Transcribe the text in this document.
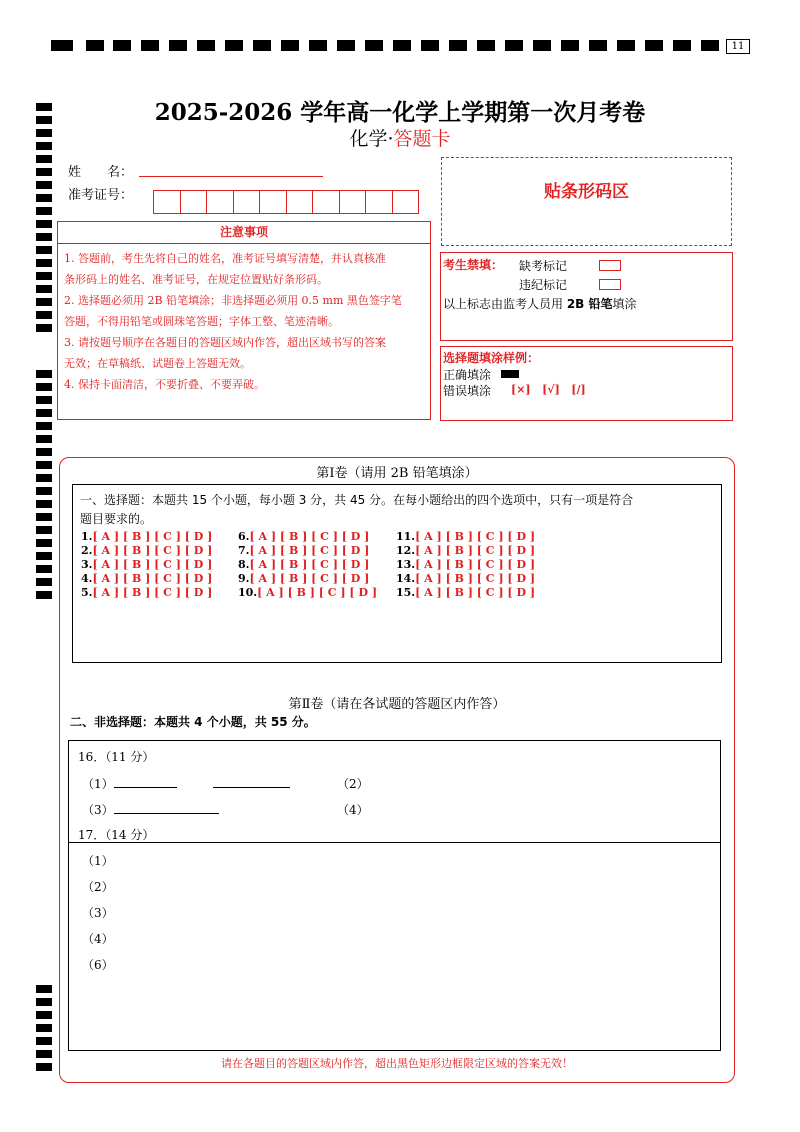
11
2025-2026 学年高一化学上学期第一次月考卷
化学·答题卡
姓　　名：
准考证号：	贴条形码区
注意事项
1. 答题前，考生先将自己的姓名，准考证号填写清楚，并认真核准
条形码上的姓名、准考证号，在规定位置贴好条形码。
2. 选择题必须用 2B 铅笔填涂；非选择题必须用 0.5 mm 黑色签字笔
答题，不得用铅笔或圆珠笔答题；字体工整、笔迹清晰。
3. 请按题号顺序在各题目的答题区域内作答，超出区域书写的答案
无效；在草稿纸、试题卷上答题无效。
4. 保持卡面清洁，不要折叠、不要弄破。
考生禁填： 缺考标记
违纪标记
以上标志由监考人员用 2B 铅笔填涂
选择题填涂样例：
正确填涂
错误填涂 [×] [√] [/]
第Ⅰ卷（请用 2B 铅笔填涂）
一、选择题：本题共 15 个小题，每小题 3 分，共 45 分。在每小题给出的四个选项中，只有一项是符合
题目要求的。
1.[ A ] [ B ] [ C ] [ D ]
2.[ A ] [ B ] [ C ] [ D ]
3.[ A ] [ B ] [ C ] [ D ]
4.[ A ] [ B ] [ C ] [ D ]
5.[ A ] [ B ] [ C ] [ D ]
6.[ A ] [ B ] [ C ] [ D ]
7.[ A ] [ B ] [ C ] [ D ]
8.[ A ] [ B ] [ C ] [ D ]
9.[ A ] [ B ] [ C ] [ D ]
10.[ A ] [ B ] [ C ] [ D ]
11.[ A ] [ B ] [ C ] [ D ]
12.[ A ] [ B ] [ C ] [ D ]
13.[ A ] [ B ] [ C ] [ D ]
14.[ A ] [ B ] [ C ] [ D ]
15.[ A ] [ B ] [ C ] [ D ]
第Ⅱ卷（请在各试题的答题区内作答）
二、非选择题：本题共 4 个小题，共 55 分。
16．（11 分）
（1）	（2）
（3）	（4）
17．（14 分）
（1）
（2）
（3）
（4）
（6）
请在各题目的答题区域内作答，超出黑色矩形边框限定区域的答案无效！
